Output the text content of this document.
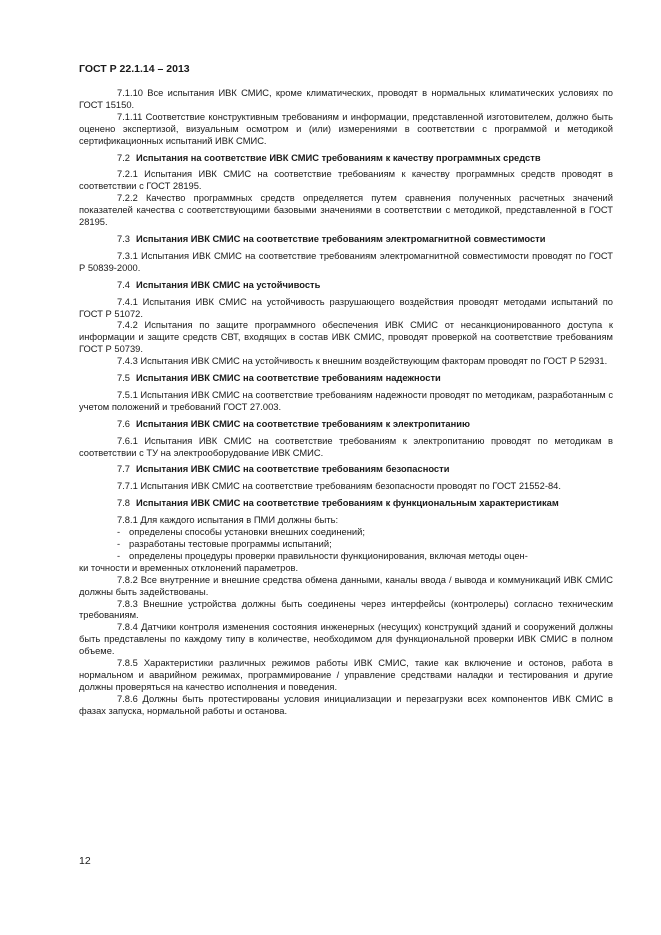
ГОСТ Р 22.1.14 – 2013
7.1.10 Все испытания ИВК СМИС, кроме климатических, проводят в нормальных климатических условиях по ГОСТ 15150.
7.1.11 Соответствие конструктивным требованиям и информации, представленной изготовителем, должно быть оценено экспертизой, визуальным осмотром и (или) измерениями в соответствии с программой и методикой сертификационных испытаний ИВК СМИС.
7.2 Испытания на соответствие ИВК СМИС требованиям к качеству программных средств
7.2.1 Испытания ИВК СМИС на соответствие требованиям к качеству программных средств проводят в соответствии с ГОСТ 28195.
7.2.2 Качество программных средств определяется путем сравнения полученных расчетных значений показателей качества с соответствующими базовыми значениями в соответствии с методикой, представленной в ГОСТ 28195.
7.3 Испытания ИВК СМИС на соответствие требованиям электромагнитной совместимости
7.3.1 Испытания ИВК СМИС на соответствие требованиям электромагнитной совместимости проводят по ГОСТ Р 50839-2000.
7.4 Испытания ИВК СМИС на устойчивость
7.4.1 Испытания ИВК СМИС на устойчивость разрушающего воздействия проводят методами испытаний по ГОСТ Р 51072.
7.4.2 Испытания по защите программного обеспечения ИВК СМИС от несанкционированного доступа к информации и защите средств СВТ, входящих в состав ИВК СМИС, проводят проверкой на соответствие требованиям ГОСТ Р 50739.
7.4.3 Испытания ИВК СМИС на устойчивость к внешним воздействующим факторам проводят по ГОСТ Р 52931.
7.5 Испытания ИВК СМИС на соответствие требованиям надежности
7.5.1 Испытания ИВК СМИС на соответствие требованиям надежности проводят по методикам, разработанным с учетом положений и требований ГОСТ 27.003.
7.6 Испытания ИВК СМИС на соответствие требованиям к электропитанию
7.6.1 Испытания ИВК СМИС на соответствие требованиям к электропитанию проводят по методикам в соответствии с ТУ на электрооборудование ИВК СМИС.
7.7 Испытания ИВК СМИС на соответствие требованиям безопасности
7.7.1 Испытания ИВК СМИС на соответствие требованиям безопасности проводят по ГОСТ 21552-84.
7.8 Испытания ИВК СМИС на соответствие требованиям к функциональным характеристикам
7.8.1 Для каждого испытания в ПМИ должны быть:
- определены способы установки внешних соединений;
- разработаны тестовые программы испытаний;
- определены процедуры проверки правильности функционирования, включая методы оцен-
ки точности и временных отклонений параметров.
7.8.2 Все внутренние и внешние средства обмена данными, каналы ввода / вывода и коммуникаций ИВК СМИС должны быть задействованы.
7.8.3 Внешние устройства должны быть соединены через интерфейсы (контролеры) согласно техническим требованиям.
7.8.4 Датчики контроля изменения состояния инженерных (несущих) конструкций зданий и сооружений должны быть представлены по каждому типу в количестве, необходимом для функциональной проверки ИВК СМИС в полном объеме.
7.8.5 Характеристики различных режимов работы ИВК СМИС, такие как включение и остонов, работа в нормальном и аварийном режимах, программирование / управление средствами наладки и тестирования и другие должны проверяться на качество исполнения и поведения.
7.8.6 Должны быть протестированы условия инициализации и перезагрузки всех компонентов ИВК СМИС в фазах запуска, нормальной работы и останова.
12
